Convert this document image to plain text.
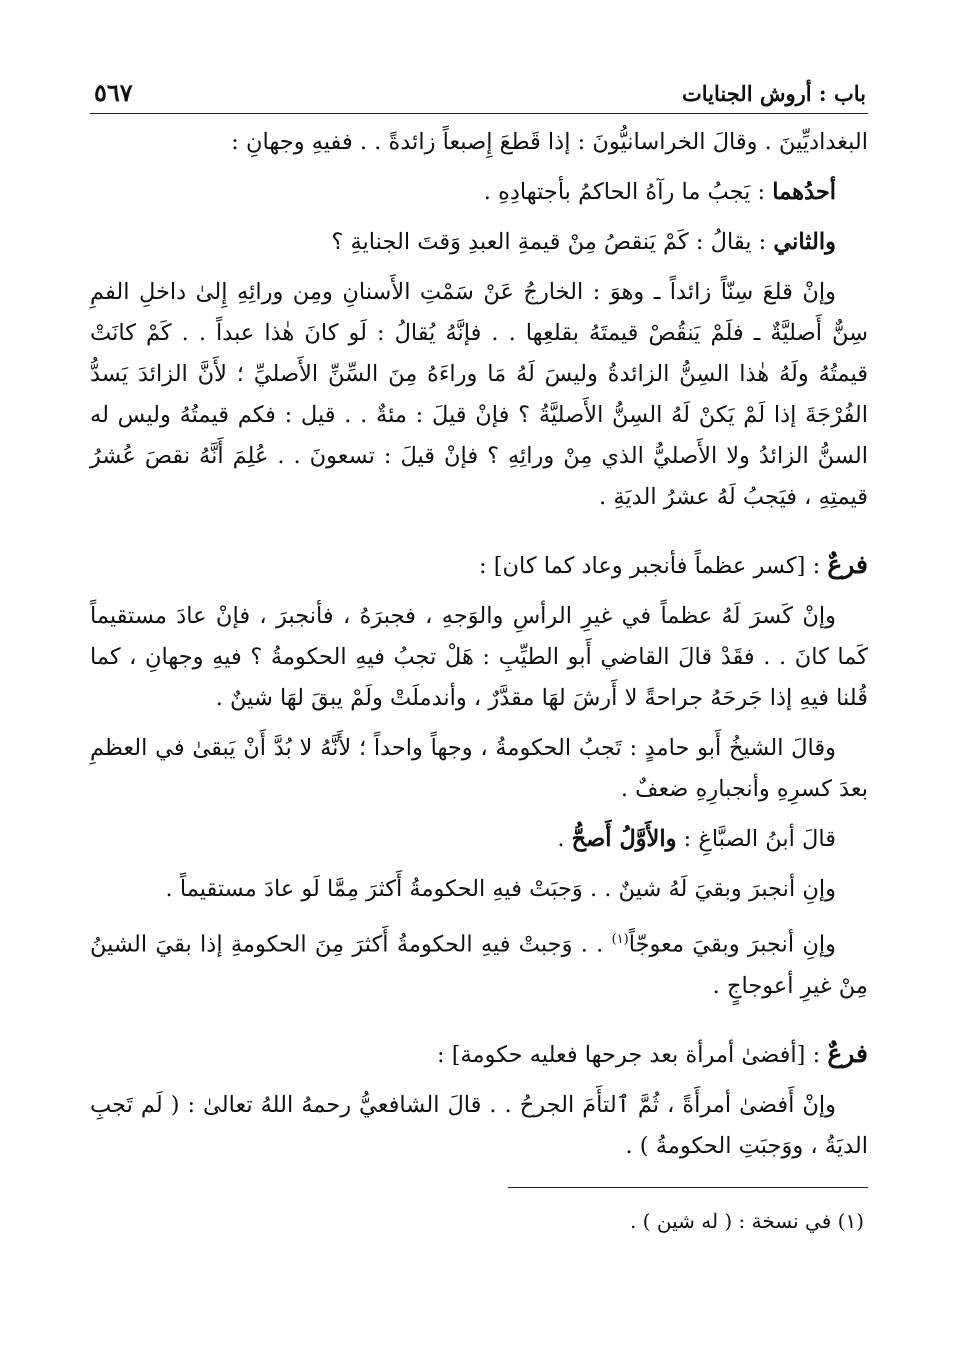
باب : أروش الجنايات
٥٦٧

البغداديِّينَ . وقالَ الخراسانيُّونَ : إذا قَطعَ إِصبعاً زائدةً . . ففيهِ وجهانِ :

أحدُهما : يَجبُ ما رآهُ الحاكمُ بأجتهادِهِ .

والثاني : يقالُ : كَمْ يَنقصُ مِنْ قيمةِ العبدِ وَقتَ الجنايةِ ؟

وإنْ قلعَ سِنّاً زائداً ـ وهوَ : الخارجُ عَنْ سَمْتِ الأَسنانِ ومِن ورائِهِ إِلىٰ داخلِ الفمِ سِنٌّ أَصليَّةٌ ـ فلَمْ يَنقُصْ قيمتَهُ بقلعِها . . فإنَّهُ يُقالُ : لَو كانَ هٰذا عبداً . . كَمْ كانَتْ قيمتُهُ ولَهُ هٰذا السِنُّ الزائدةُ وليسَ لَهُ مَا وراءَهُ مِنَ السِّنِّ الأَصليِّ ؛ لأَنَّ الزائدَ يَسدُّ الفُرْجَةَ إذا لَمْ يَكنْ لَهُ السِنُّ الأَصليَّةُ ؟ فإنْ قيلَ : مئةٌ . . قيل : فكم قيمتُهُ وليس له السنُّ الزائدُ ولا الأَصليُّ الذي مِنْ ورائِهِ ؟ فإنْ قيلَ : تسعونَ . . عُلِمَ أَنَّهُ نقصَ عُشرُ قيمتِهِ ، فيَجبُ لَهُ عشرُ الديَةِ .

فرعٌ : [كسر عظماً فأنجبر وعاد كما كان] :

وإنْ كَسرَ لَهُ عظماً في غيرِ الرأسِ والوَجهِ ، فجبرَهُ ، فأنجبرَ ، فإنْ عادَ مستقيماً كَما كانَ . . فقَدْ قالَ القاضي أَبو الطيِّبِ : هَلْ تجبُ فيهِ الحكومةُ ؟ فيهِ وجهانِ ، كما قُلنا فيهِ إذا جَرحَهُ جراحةً لا أَرشَ لهَا مقدَّرٌ ، وأندملَتْ ولَمْ يبقَ لهَا شينٌ .

وقالَ الشيخُ أَبو حامدٍ : تَجبُ الحكومةُ ، وجهاً واحداً ؛ لأَنَّهُ لا بُدَّ أَنْ يَبقىٰ في العظمِ بعدَ كسرِهِ وأنجبارِهِ ضعفٌ .

قالَ أبنُ الصبَّاغِ : والأَوَّلُ أَصحُّ .

وإنِ أنجبرَ وبقيَ لَهُ شينٌ . . وَجبَتْ فيهِ الحكومةُ أَكثرَ مِمَّا لَو عادَ مستقيماً .

وإنِ أنجبرَ وبقيَ معوجّاً$^{(١)}$ . . وَجبتْ فيهِ الحكومةُ أَكثرَ مِنَ الحكومةِ إذا بقيَ الشينُ مِنْ غيرِ أعوجاجٍ .

فرعٌ : [أفضىٰ أمرأة بعد جرحها فعليه حكومة] :

وإنْ أَفضىٰ أمرأَةً ، ثُمَّ ٱلتأَمَ الجرحُ . . قالَ الشافعيُّ رحمهُ اللهُ تعالىٰ : ( لَم تَجبِ الديَةُ ، ووَجبَتِ الحكومةُ ) .

(١) في نسخة : ( له شين ) .
